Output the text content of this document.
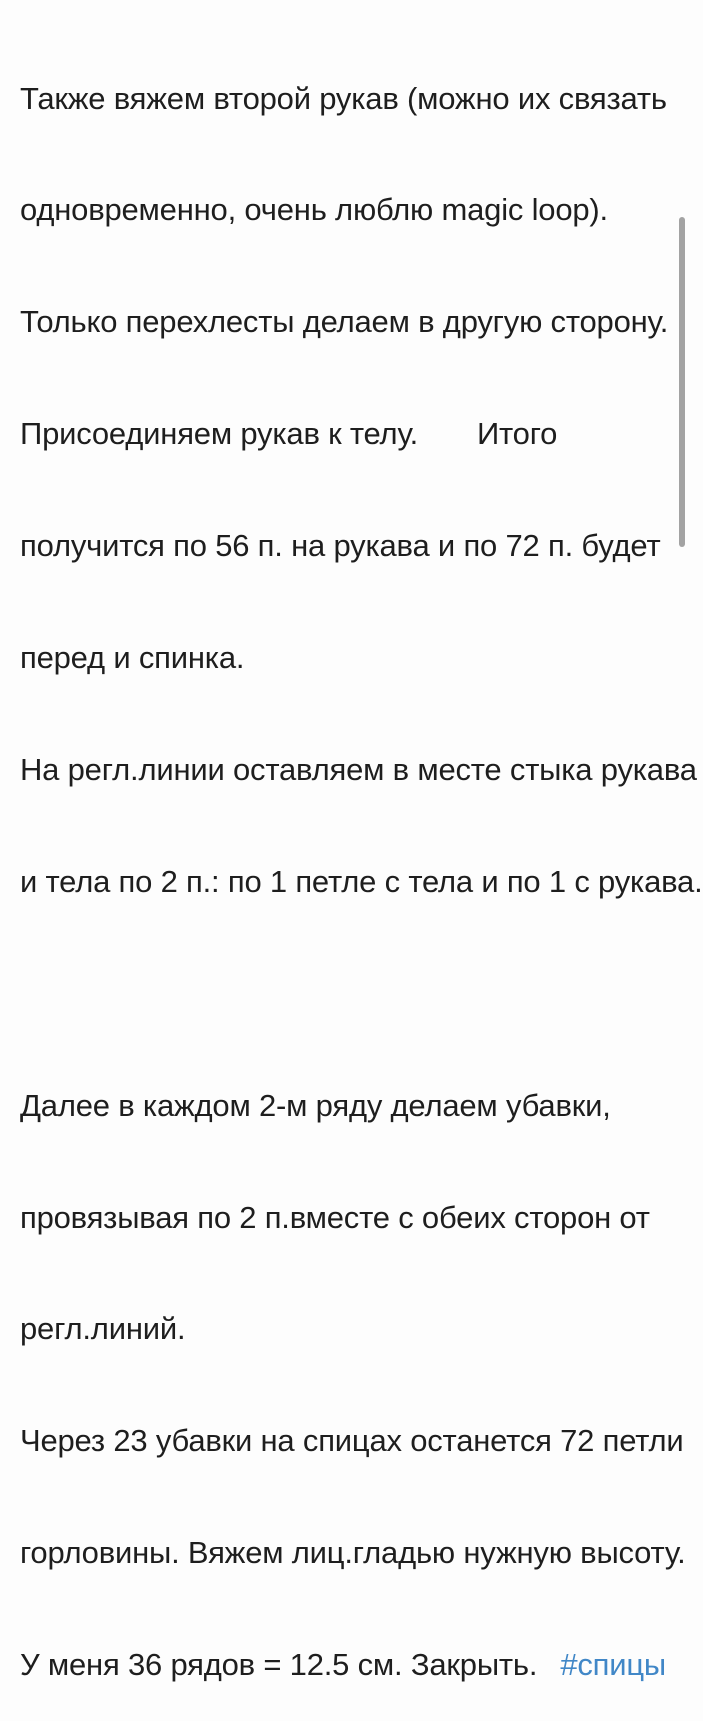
Также вяжем второй рукав (можно их связать

одновременно, очень люблю magic loop).

Только перехлесты делаем в другую сторону.

Присоединяем рукав к телу.       Итого

получится по 56 п. на рукава и по 72 п. будет

перед и спинка.

На регл.линии оставляем в месте стыка рукава

и тела по 2 п.: по 1 петле с тела и по 1 с рукава.

Далее в каждом 2-м ряду делаем убавки,

провязывая по 2 п.вместе с обеих сторон от

регл.линий.

Через 23 убавки на спицах останется 72 петли

горловины. Вяжем лиц.гладью нужную высоту.

У меня 36 рядов = 12.5 см. Закрыть. #спицы
